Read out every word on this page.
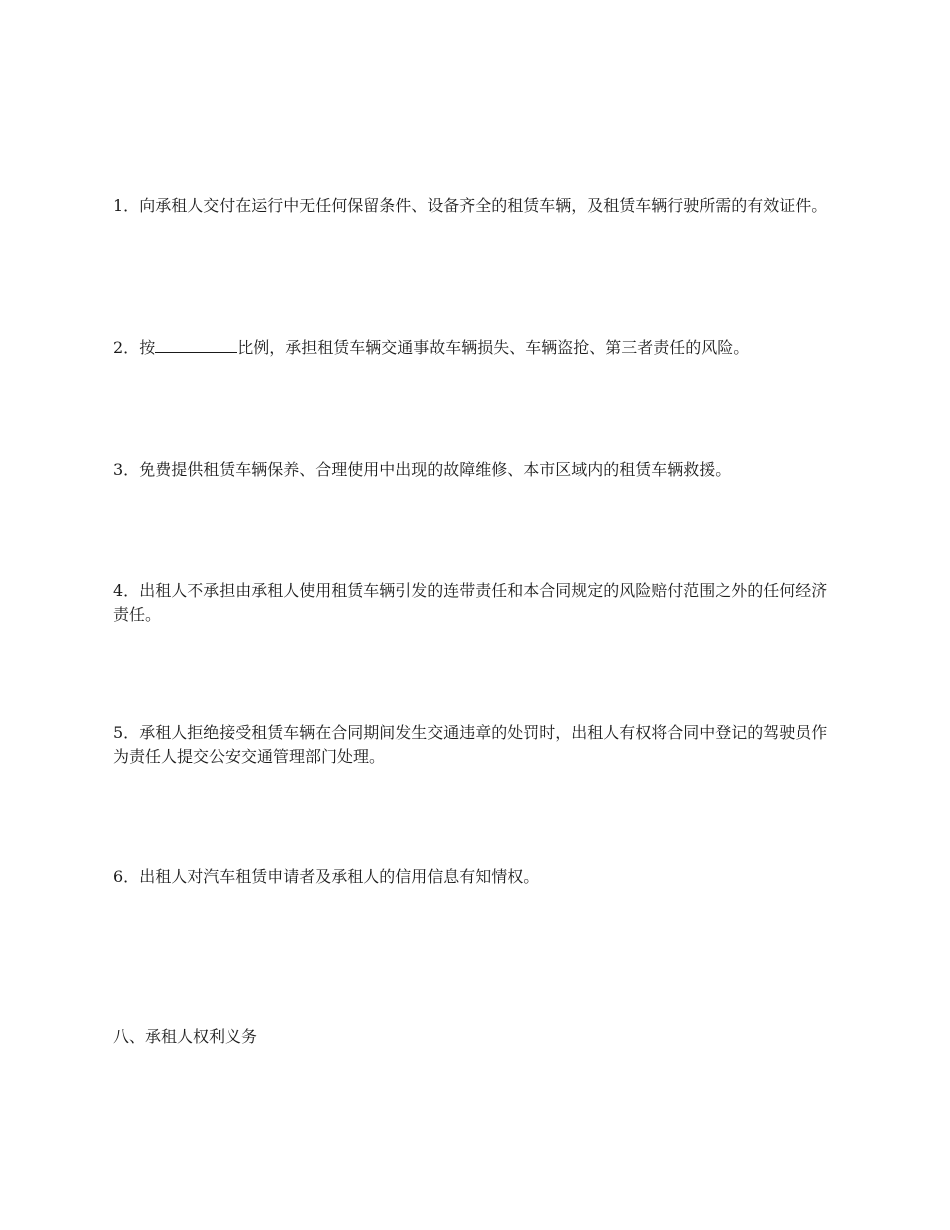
1．向承租人交付在运行中无任何保留条件、设备齐全的租赁车辆，及租赁车辆行驶所需的有效证件。

2．按	比例，承担租赁车辆交通事故车辆损失、车辆盗抢、第三者责任的风险。

3．免费提供租赁车辆保养、合理使用中出现的故障维修、本市区域内的租赁车辆救援。

4．出租人不承担由承租人使用租赁车辆引发的连带责任和本合同规定的风险赔付范围之外的任何经济责任。

5．承租人拒绝接受租赁车辆在合同期间发生交通违章的处罚时，出租人有权将合同中登记的驾驶员作为责任人提交公安交通管理部门处理。

6．出租人对汽车租赁申请者及承租人的信用信息有知情权。

八、承租人权利义务
